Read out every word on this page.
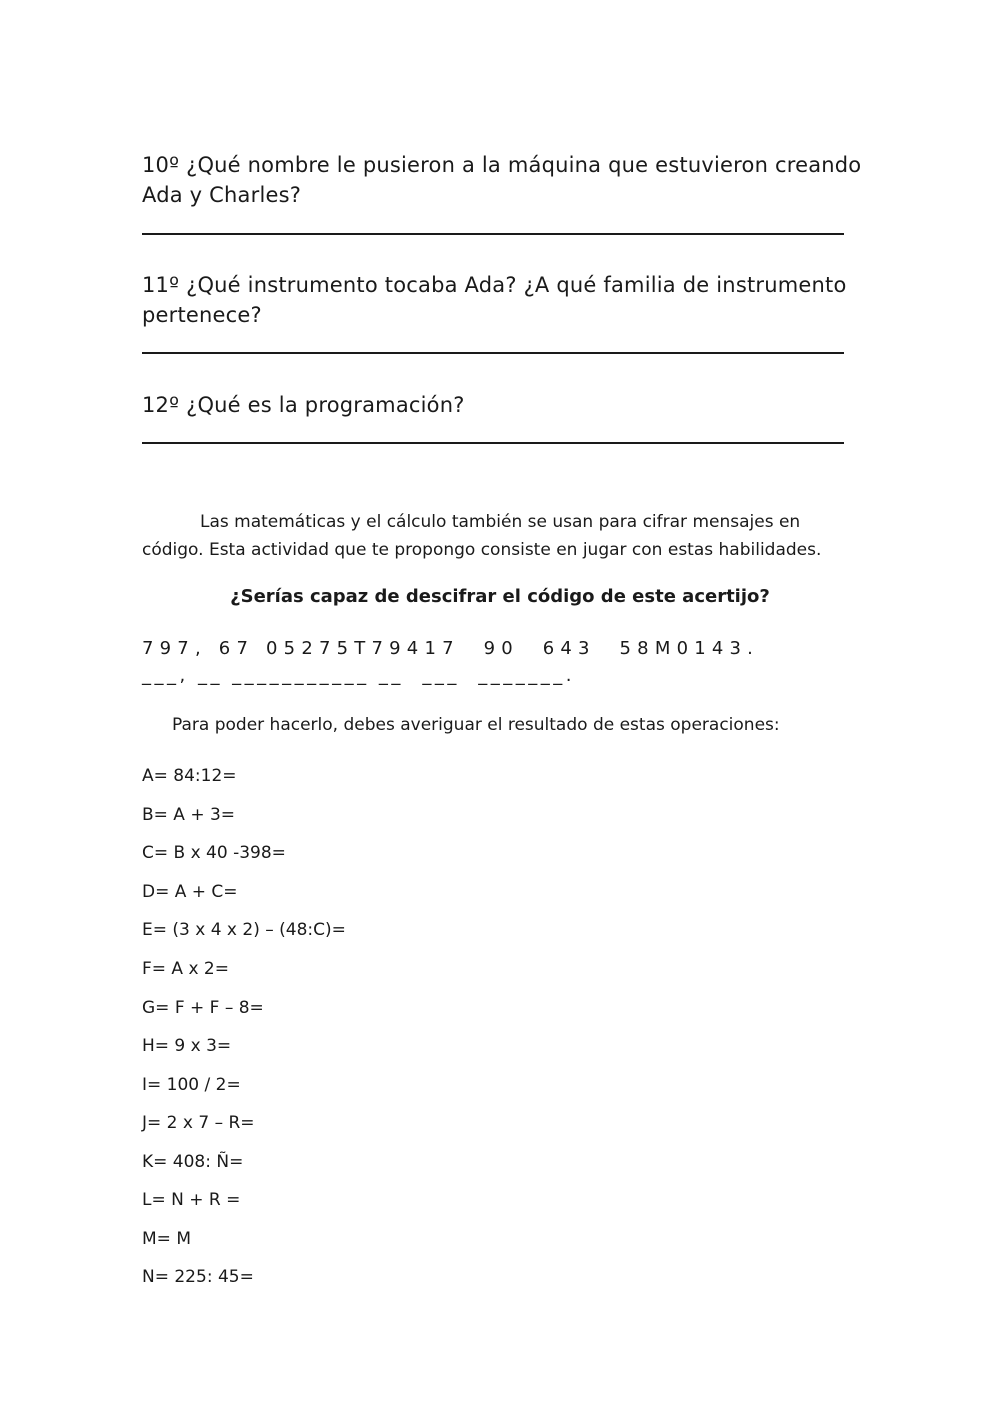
10º ¿Qué nombre le pusieron a la máquina que estuvieron creando
Ada y Charles?
11º ¿Qué instrumento tocaba Ada? ¿A qué familia de instrumento
pertenece?
12º ¿Qué es la programación?
Las matemáticas y el cálculo también se usan para cifrar mensajes en
código. Esta actividad que te propongo consiste en jugar con estas habilidades.
¿Serías capaz de descifrar el código de este acertijo?
797, 67 05275T79417  90  643  58M0143.
___, __ ___________ __  ___  _______.
Para poder hacerlo, debes averiguar el resultado de estas operaciones:
A= 84:12=
B= A + 3=
C= B x 40 -398=
D= A + C=
E= (3 x 4 x 2) – (48:C)=
F= A x 2=
G= F + F – 8=
H= 9 x 3=
I= 100 / 2=
J= 2 x 7 – R=
K= 408: Ñ=
L= N + R =
M= M
N= 225: 45=
